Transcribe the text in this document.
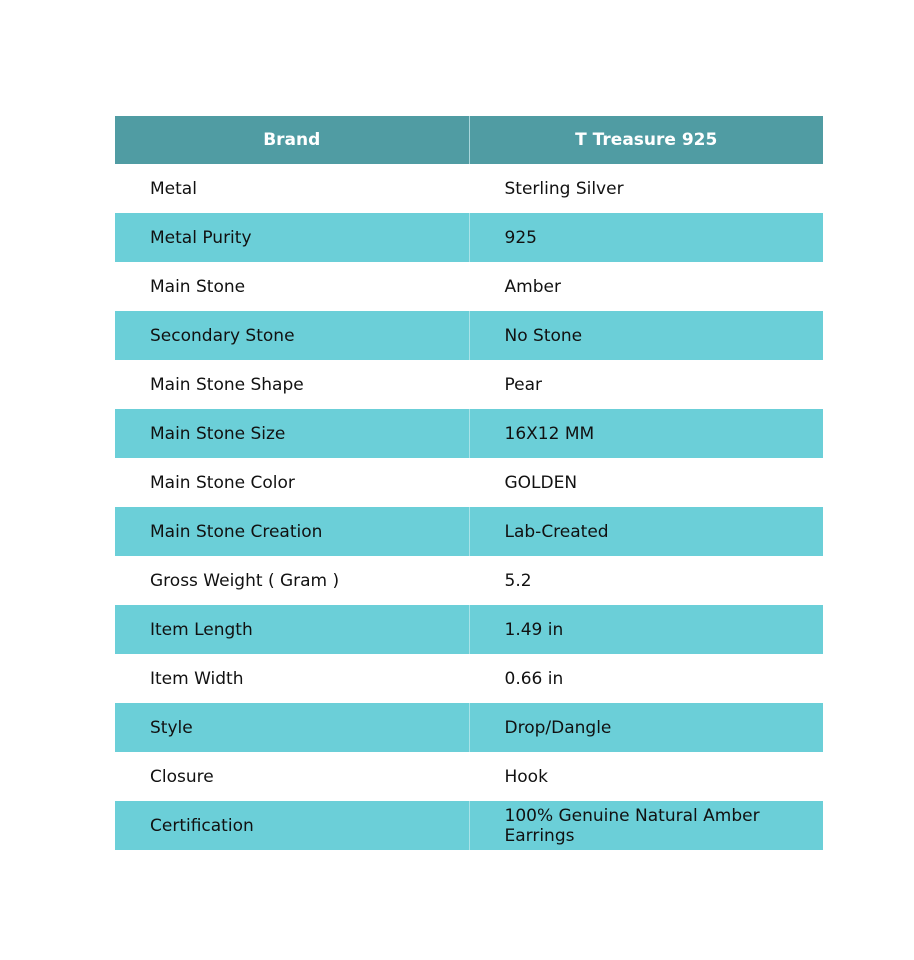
Brand	T Treasure 925
Metal	Sterling Silver
Metal Purity	925
Main Stone	Amber
Secondary Stone	No Stone
Main Stone Shape	Pear
Main Stone Size	16X12 MM
Main Stone Color	GOLDEN
Main Stone Creation	Lab-Created
Gross Weight ( Gram )	5.2
Item Length	1.49 in
Item Width	0.66 in
Style	Drop/Dangle
Closure	Hook
Certification	100% Genuine Natural Amber Earrings
